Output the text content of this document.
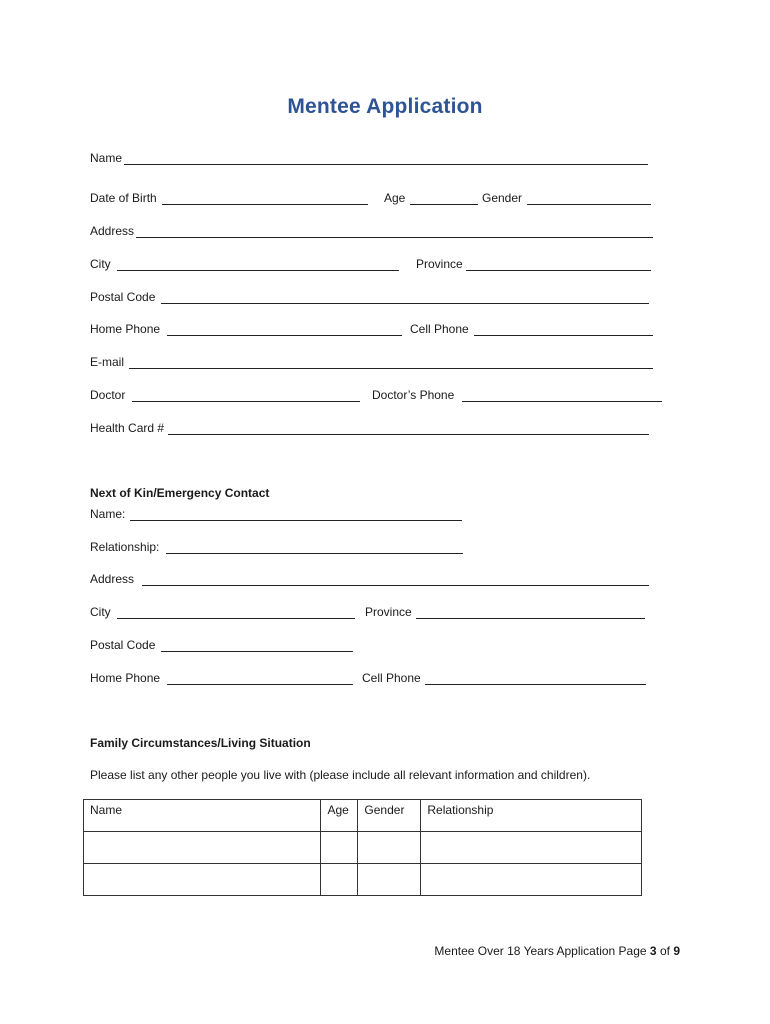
Mentee Application
Name
Date of Birth	Age	Gender
Address
City	Province
Postal Code
Home Phone	Cell Phone
E-mail
Doctor	Doctor’s Phone
Health Card #
Next of Kin/Emergency Contact
Name:
Relationship:
Address
City	Province
Postal Code
Home Phone	Cell Phone
Family Circumstances/Living Situation
Please list any other people you live with (please include all relevant information and children).
Name	Age	Gender	Relationship

Mentee Over 18 Years Application Page 3 of 9
